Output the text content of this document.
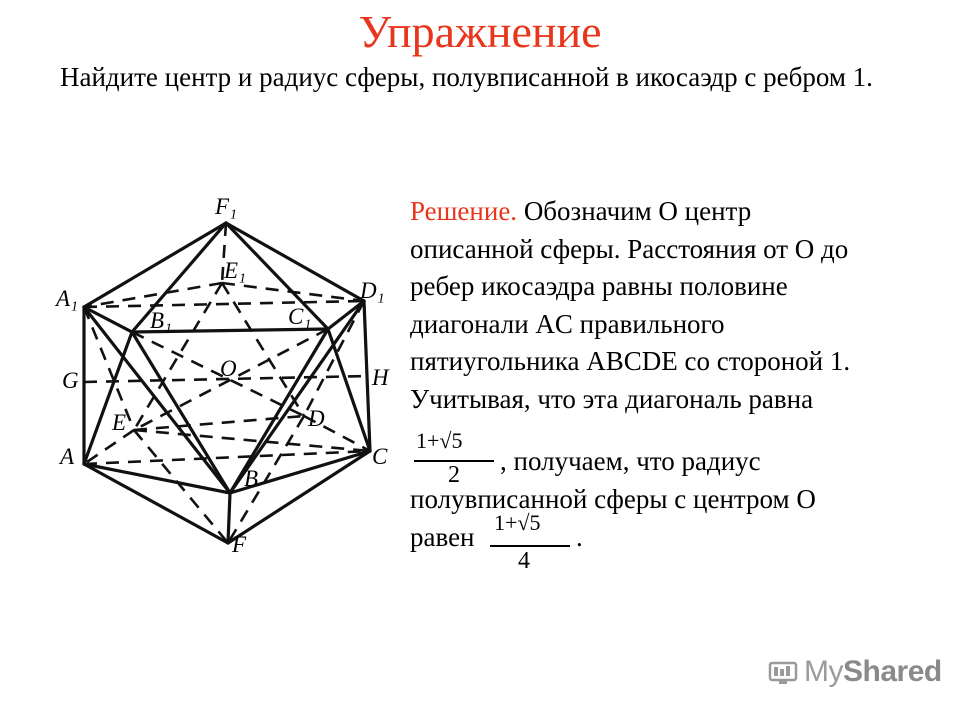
Упражнение
Найдите центр и радиус сферы, полувписанной в икосаэдр с ребром 1.
F₁
E₁
A₁	D₁
B₁	C₁
O
G	H
E	D
A	C
B
F
Решение. Обозначим O центр
описанной сферы. Расстояния от O до
ребер икосаэдра равны половине
диагонали AC правильного
пятиугольника ABCDE со стороной 1.
Учитывая, что эта диагональ равна
1+√5
2 , получаем, что радиус
полувписанной сферы с центром O
равен 1+√5
4
.
MyShared
